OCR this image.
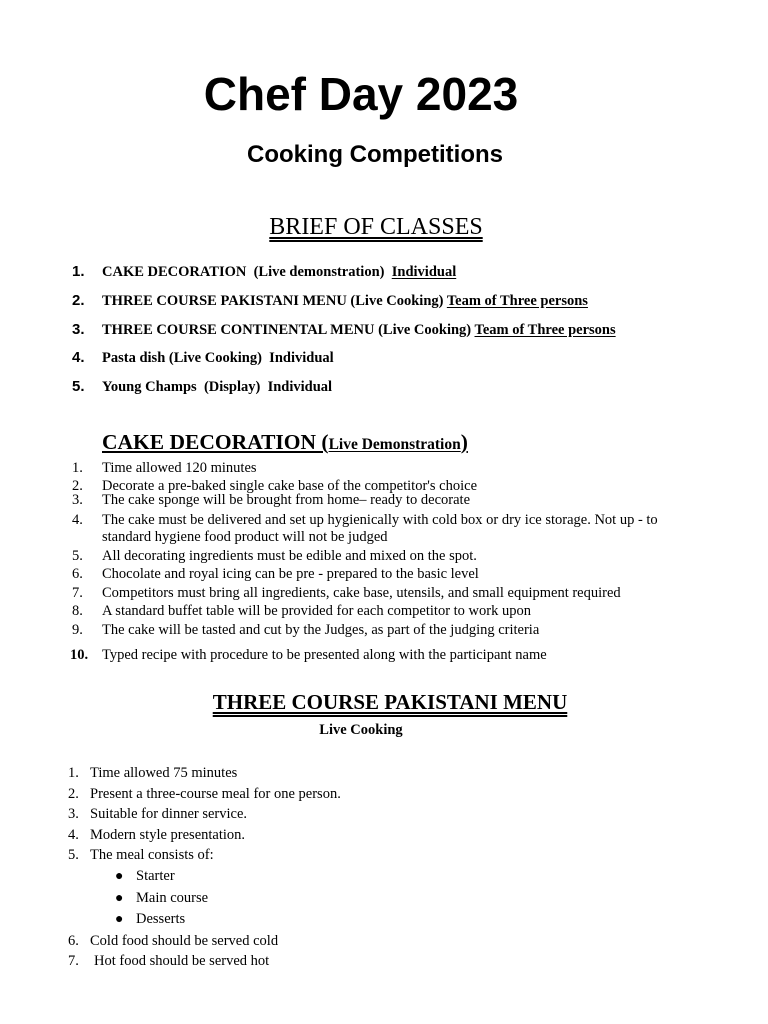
Chef Day 2023
Cooking Competitions
BRIEF OF CLASSES
1. CAKE DECORATION  (Live demonstration)  Individual
2. THREE COURSE PAKISTANI MENU (Live Cooking) Team of Three persons
3. THREE COURSE CONTINENTAL MENU (Live Cooking) Team of Three persons
4. Pasta dish (Live Cooking)  Individual
5. Young Champs  (Display)  Individual
CAKE DECORATION (Live Demonstration)
1. Time allowed 120 minutes
2. Decorate a pre-baked single cake base of the competitor's choice
3. The cake sponge will be brought from home– ready to decorate
4. The cake must be delivered and set up hygienically with cold box or dry ice storage. Not up - to standard hygiene food product will not be judged
5. All decorating ingredients must be edible and mixed on the spot.
6. Chocolate and royal icing can be pre - prepared to the basic level
7. Competitors must bring all ingredients, cake base, utensils, and small equipment required
8. A standard buffet table will be provided for each competitor to work upon
9. The cake will be tasted and cut by the Judges, as part of the judging criteria
10. Typed recipe with procedure to be presented along with the participant name
THREE COURSE PAKISTANI MENU
Live Cooking
1. Time allowed 75 minutes
2. Present a three-course meal for one person.
3. Suitable for dinner service.
4. Modern style presentation.
5. The meal consists of:
● Starter
● Main course
● Desserts
6. Cold food should be served cold
7. Hot food should be served hot
